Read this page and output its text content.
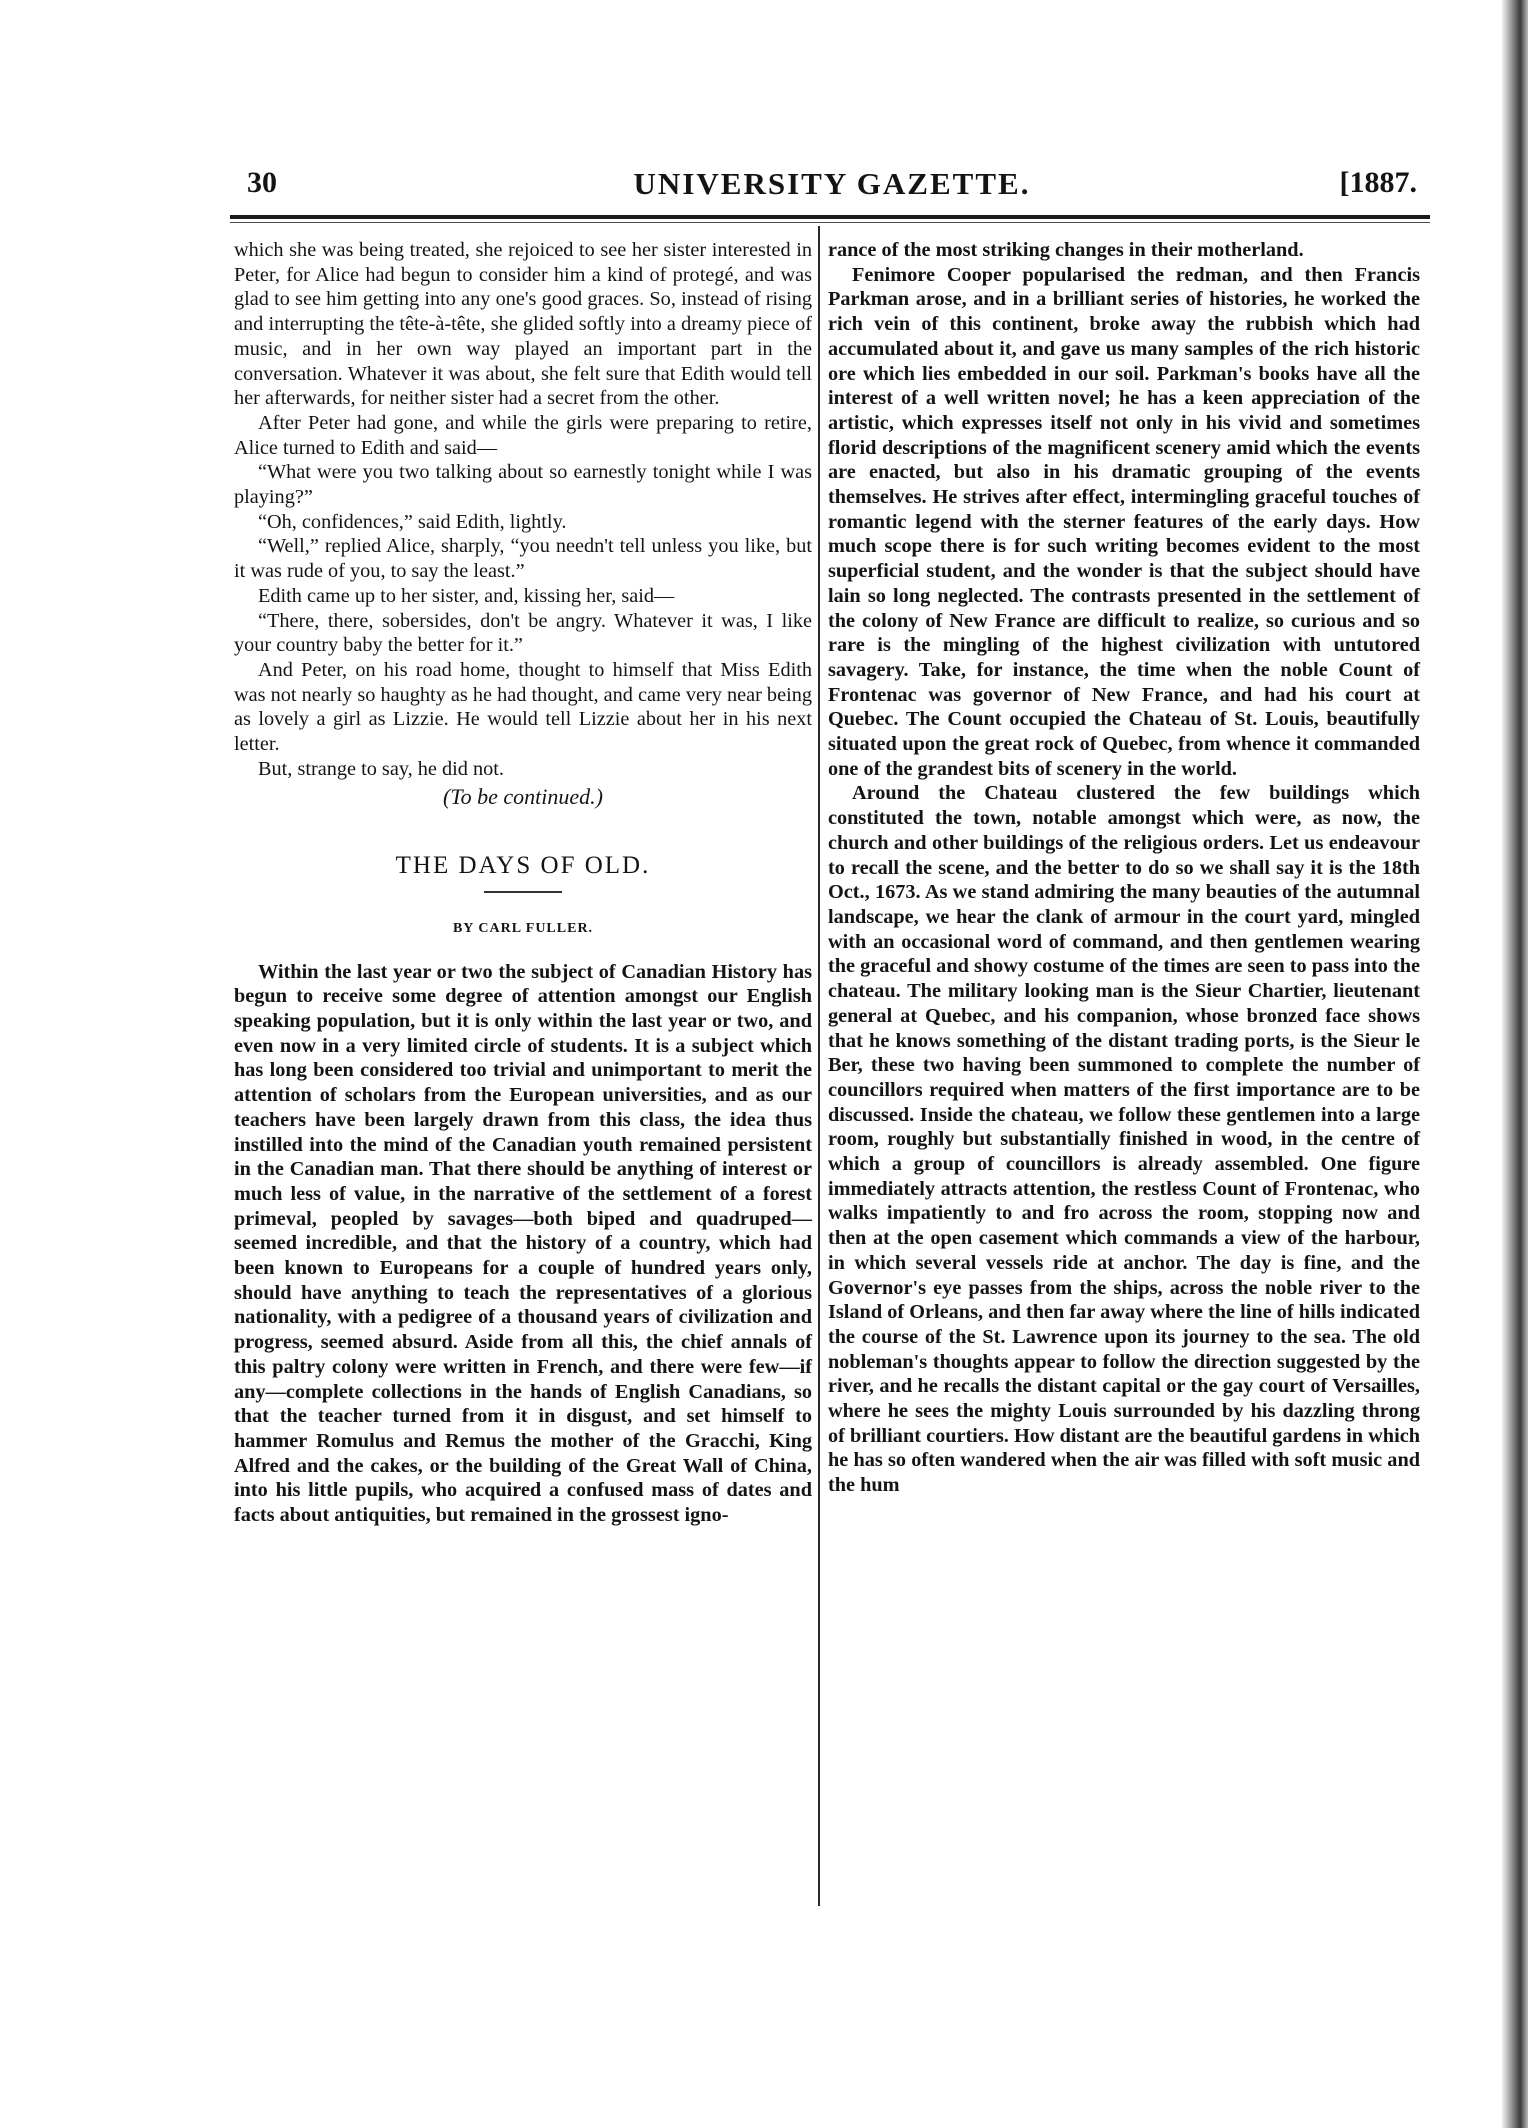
30	UNIVERSITY GAZETTE.	[1887.

which she was being treated, she rejoiced to see her sister interested in Peter, for Alice had begun to consider him a kind of protegé, and was glad to see him getting into any one's good graces. So, instead of rising and interrupting the tête-à-tête, she glided softly into a dreamy piece of music, and in her own way played an important part in the conversation. Whatever it was about, she felt sure that Edith would tell her afterwards, for neither sister had a secret from the other.

After Peter had gone, and while the girls were preparing to retire, Alice turned to Edith and said—

“What were you two talking about so earnestly tonight while I was playing?”

“Oh, confidences,” said Edith, lightly.

“Well,” replied Alice, sharply, “you needn't tell unless you like, but it was rude of you, to say the least.”

Edith came up to her sister, and, kissing her, said—

“There, there, sobersides, don't be angry. Whatever it was, I like your country baby the better for it.”

And Peter, on his road home, thought to himself that Miss Edith was not nearly so haughty as he had thought, and came very near being as lovely a girl as Lizzie. He would tell Lizzie about her in his next letter.

But, strange to say, he did not.

(To be continued.)
THE DAYS OF OLD.
BY CARL FULLER.

Within the last year or two the subject of Canadian History has begun to receive some degree of attention amongst our English speaking population, but it is only within the last year or two, and even now in a very limited circle of students. It is a subject which has long been considered too trivial and unimportant to merit the attention of scholars from the European universities, and as our teachers have been largely drawn from this class, the idea thus instilled into the mind of the Canadian youth remained persistent in the Canadian man. That there should be anything of interest or much less of value, in the narrative of the settlement of a forest primeval, peopled by savages—both biped and quadruped—seemed incredible, and that the history of a country, which had been known to Europeans for a couple of hundred years only, should have anything to teach the representatives of a glorious nationality, with a pedigree of a thousand years of civilization and progress, seemed absurd. Aside from all this, the chief annals of this paltry colony were written in French, and there were few—if any—complete collections in the hands of English Canadians, so that the teacher turned from it in disgust, and set himself to hammer Romulus and Remus the mother of the Gracchi, King Alfred and the cakes, or the building of the Great Wall of China, into his little pupils, who acquired a confused mass of dates and facts about antiquities, but remained in the grossest igno-

rance of the most striking changes in their motherland.

Fenimore Cooper popularised the redman, and then Francis Parkman arose, and in a brilliant series of histories, he worked the rich vein of this continent, broke away the rubbish which had accumulated about it, and gave us many samples of the rich historic ore which lies embedded in our soil. Parkman's books have all the interest of a well written novel; he has a keen appreciation of the artistic, which expresses itself not only in his vivid and sometimes florid descriptions of the magnificent scenery amid which the events are enacted, but also in his dramatic grouping of the events themselves. He strives after effect, intermingling graceful touches of romantic legend with the sterner features of the early days. How much scope there is for such writing becomes evident to the most superficial student, and the wonder is that the subject should have lain so long neglected. The contrasts presented in the settlement of the colony of New France are difficult to realize, so curious and so rare is the mingling of the highest civilization with untutored savagery. Take, for instance, the time when the noble Count of Frontenac was governor of New France, and had his court at Quebec. The Count occupied the Chateau of St. Louis, beautifully situated upon the great rock of Quebec, from whence it commanded one of the grandest bits of scenery in the world.

Around the Chateau clustered the few buildings which constituted the town, notable amongst which were, as now, the church and other buildings of the religious orders. Let us endeavour to recall the scene, and the better to do so we shall say it is the 18th Oct., 1673. As we stand admiring the many beauties of the autumnal landscape, we hear the clank of armour in the court yard, mingled with an occasional word of command, and then gentlemen wearing the graceful and showy costume of the times are seen to pass into the chateau. The military looking man is the Sieur Chartier, lieutenant general at Quebec, and his companion, whose bronzed face shows that he knows something of the distant trading ports, is the Sieur le Ber, these two having been summoned to complete the number of councillors required when matters of the first importance are to be discussed. Inside the chateau, we follow these gentlemen into a large room, roughly but substantially finished in wood, in the centre of which a group of councillors is already assembled. One figure immediately attracts attention, the restless Count of Frontenac, who walks impatiently to and fro across the room, stopping now and then at the open casement which commands a view of the harbour, in which several vessels ride at anchor. The day is fine, and the Governor's eye passes from the ships, across the noble river to the Island of Orleans, and then far away where the line of hills indicated the course of the St. Lawrence upon its journey to the sea. The old nobleman's thoughts appear to follow the direction suggested by the river, and he recalls the distant capital or the gay court of Versailles, where he sees the mighty Louis surrounded by his dazzling throng of brilliant courtiers. How distant are the beautiful gardens in which he has so often wandered when the air was filled with soft music and the hum
